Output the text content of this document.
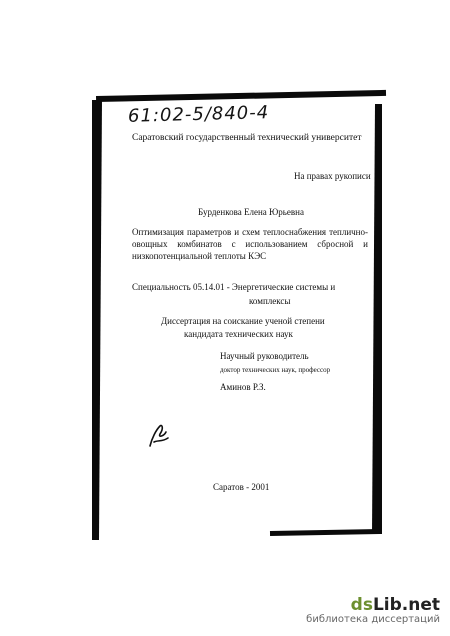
61:02-5/840-4
Саратовский государственный технический университет
На правах рукописи
Бурденкова Елена Юрьевна
Оптимизация параметров и схем теплоснабжения теплично-овощных комбинатов с использованием сбросной и низкопотенциальной теплоты КЭС
Специальность 05.14.01 - Энергетические системы и
комплексы
Диссертация на соискание ученой степени
кандидата технических наук
Научный руководитель
доктор технических наук, профессор
Аминов Р.З.
Саратов - 2001
dsLib.net
библиотека диссертаций
